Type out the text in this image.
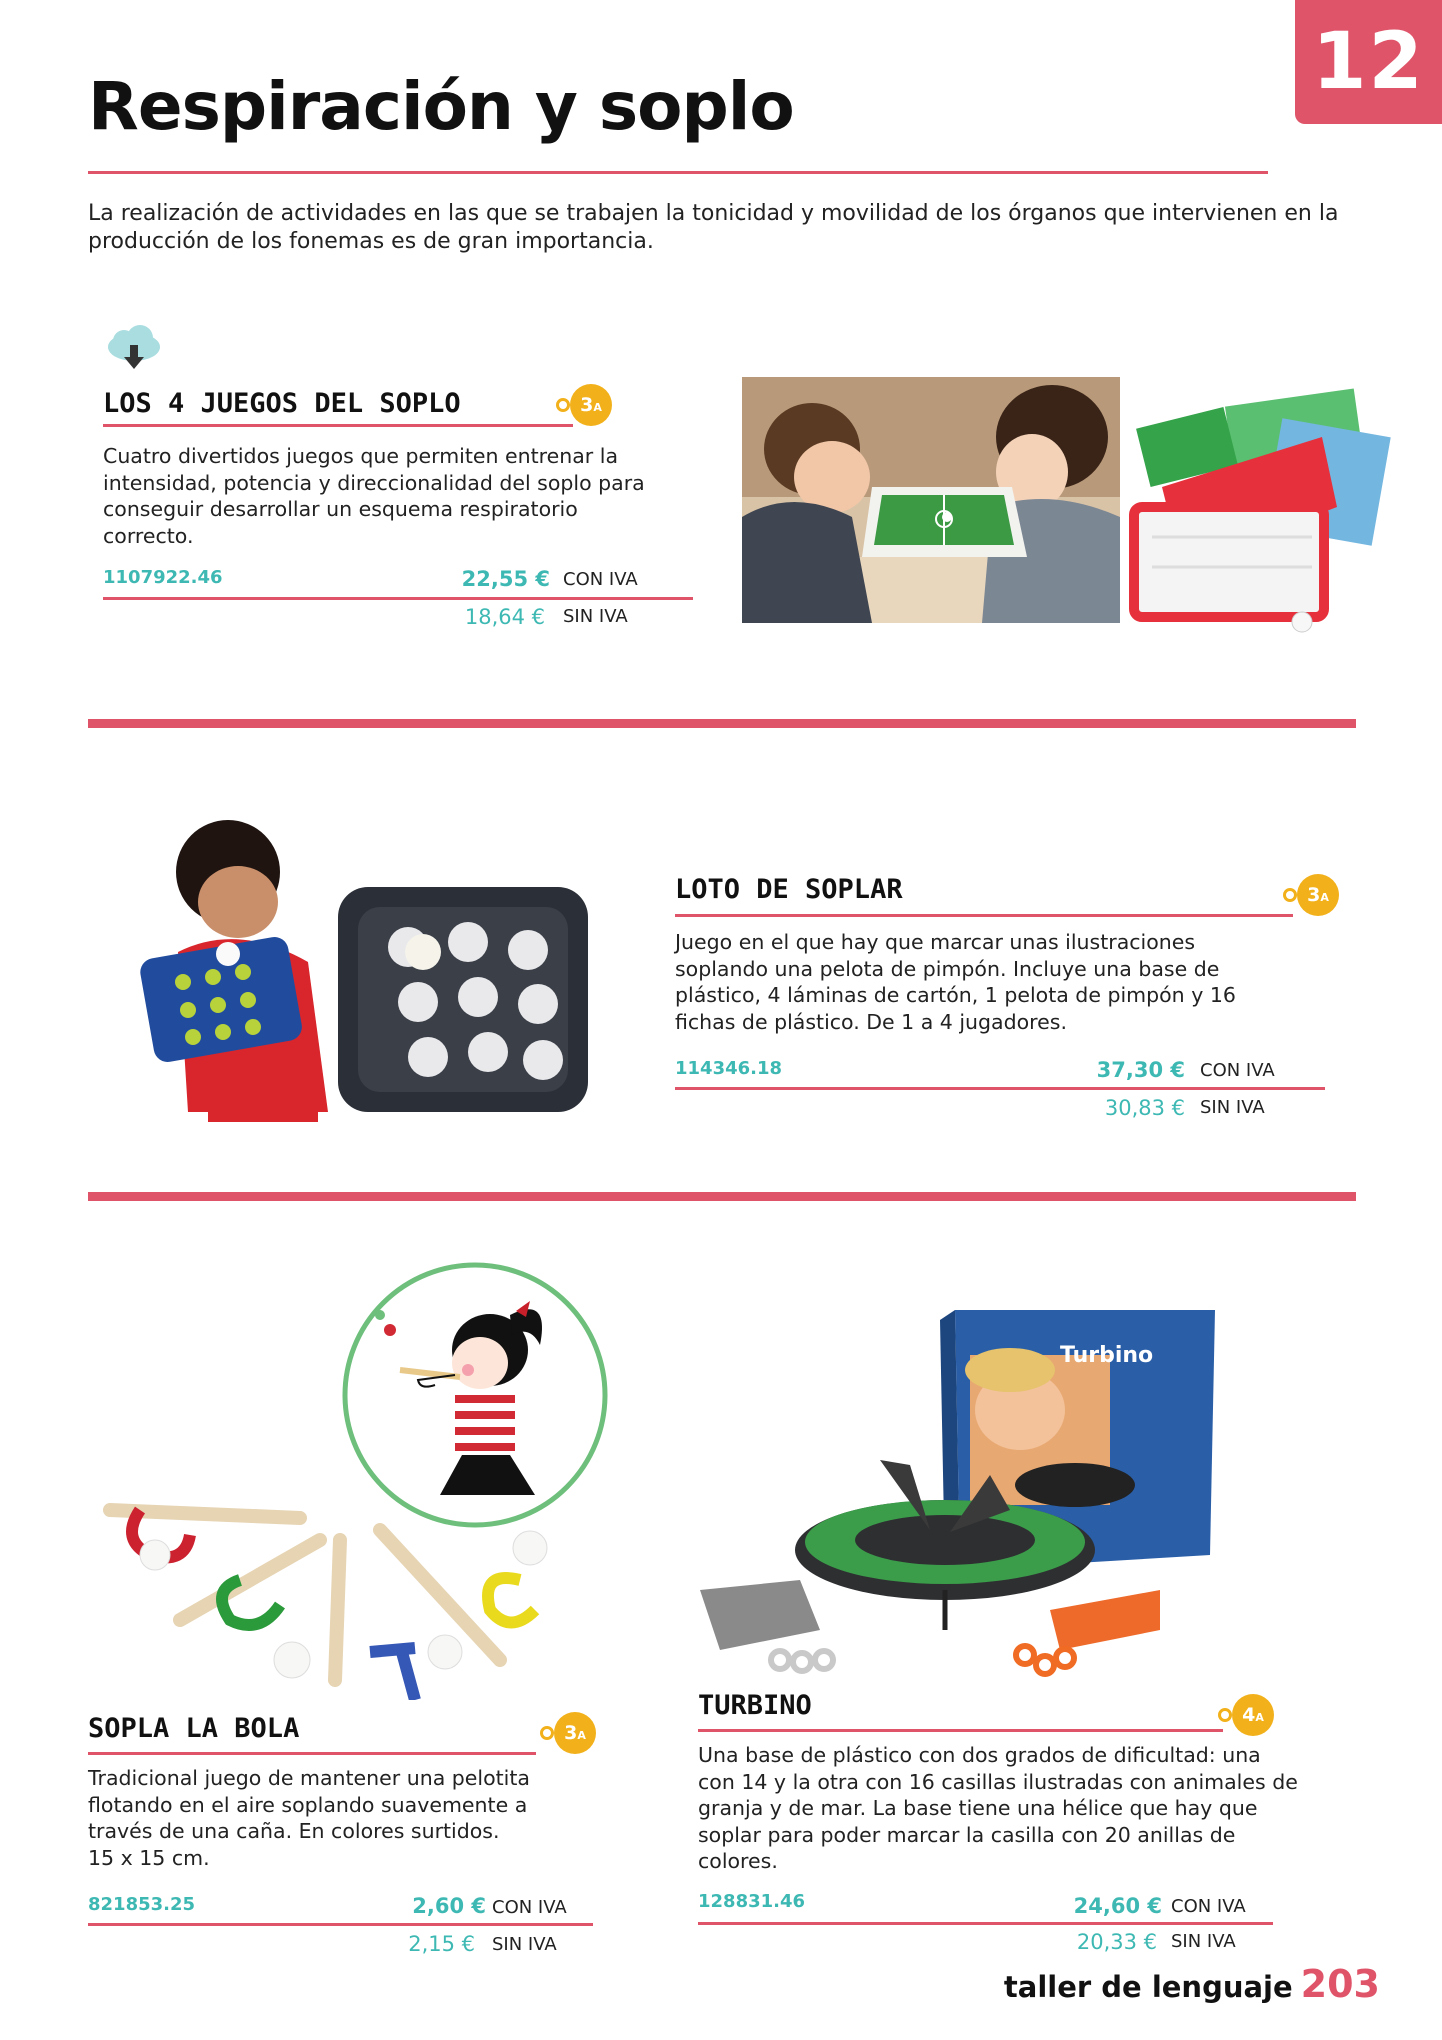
12
Respiración y soplo

La realización de actividades en las que se trabajen la tonicidad y movilidad de los órganos que intervienen en la producción de los fonemas es de gran importancia.

LOS 4 JUEGOS DEL SOPLO	3A

Cuatro divertidos juegos que permiten entrenar la intensidad, potencia y direccionalidad del soplo para conseguir desarrollar un esquema respiratorio correcto.

1107922.46	22,55 € CON IVA
18,64 € SIN IVA
LOTO DE SOPLAR	3A

Juego en el que hay que marcar unas ilustraciones soplando una pelota de pimpón. Incluye una base de plástico, 4 láminas de cartón, 1 pelota de pimpón y 16 fichas de plástico. De 1 a 4 jugadores.

114346.18	37,30 € CON IVA
30,83 € SIN IVA
SOPLA LA BOLA	3A

Tradicional juego de mantener una pelotita flotando en el aire soplando suavemente a través de una caña. En colores surtidos.

15 x 15 cm.

821853.25	2,60 € CON IVA
2,15 € SIN IVA
Turbino
TURBINO	4A

Una base de plástico con dos grados de dificultad: una con 14 y la otra con 16 casillas ilustradas con animales de granja y de mar. La base tiene una hélice que hay que soplar para poder marcar la casilla con 20 anillas de colores.

128831.46	24,60 € CON IVA
20,33 € SIN IVA
taller de lenguaje 203
